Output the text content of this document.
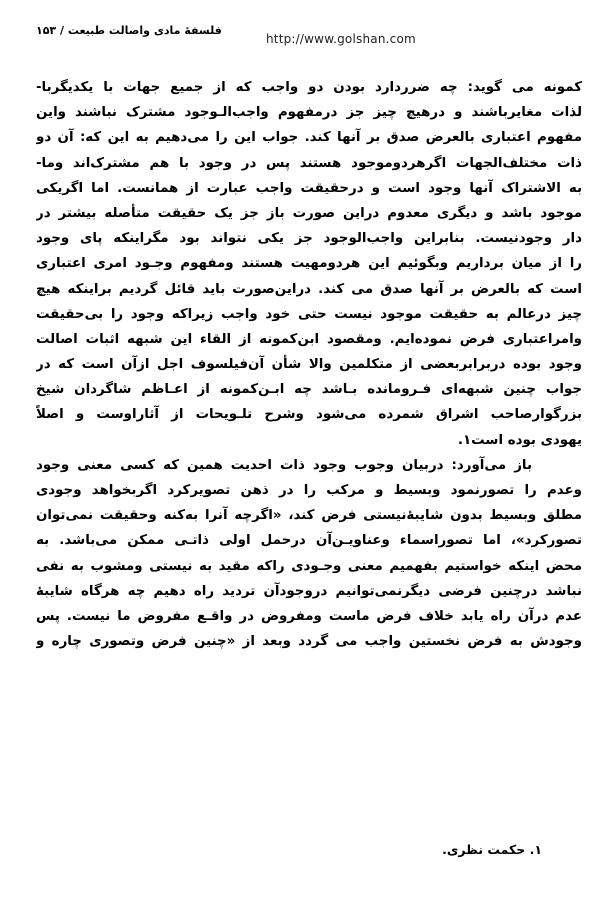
فلسفهٔ مادی واصالت طبیعت / ۱۵۳
http://www.golshan.com
کمونه می گوید: چه ضرردارد بودن دو واجب که از جمیع جهات با یکدیگربا-
لذات مغایرباشند و درهیچ چیز جز درمفهوم واجب‌الـوجود مشترک نباشند واین
مفهوم اعتباری بالعرض صدق بر آنها کند. جواب این را می‌دهیم به این که: آن دو
ذات مختلف‌الجهات اگرهردوموجود هستند پس در وجود با هم مشترک‌اند وما-
به الاشتراک آنها وجود است و درحقیقت واجب عبارت از همانست. اما اگریکی
موجود باشد و دیگری معدوم دراین صورت باز جز یک حقیقت متأصله بیشتر در
دار وجودنیست. بنابراین واجب‌الوجود جز یکی نتواند بود مگراینکه پای وجود
را از میان برداریم وبگوئیم این هردومهیت هستند ومفهوم وجـود امری اعتباری
است که بالعرض بر آنها صدق می کند. دراین‌صورت باید قائل گردیم براینکه هیچ
چیز درعالم به حقیقت موجود نیست حتی خود واجب زیراکه وجود را بی‌حقیقت
وامراعتباری فرض نموده‌ایم. ومقصود ابن‌کمونه از القاء این شبهه اثبات اصالت
وجود بوده دربرابربعضی از متکلمین والا شأن آن‌فیلسوف اجل ازآن است که در
جواب چنین شبهه‌ای فـرومانده بـاشد چه ابـن‌کمونه از اعـاظم شاگردان شیخ
بزرگوارصاحب اشراق شمرده می‌شود وشرح تلـویحات از آثاراوست و اصلاً
یهودی بوده است۱.
باز می‌آورد: دربیان وجوب وجود ذات احدیت همین که کسی معنی وجود
وعدم را تصورنمود وبسیط و مرکب را در ذهن تصویرکرد اگربخواهد وجودی
مطلق وبسیط بدون شایبهٔ‌نیستی فرض کند، «اگرچه آنرا به‌کنه وحقیقت نمی‌توان
تصورکرد»، اما تصوراسماء وعناویـن‌آن درحمل اولی ذاتـی ممکن می‌باشد. به
محض اینکه خواستیم بفهمیم معنی وجـودی راکه مقید به نیستی ومشوب به نفی
نباشد درچنین فرضی دیگرنمی‌توانیم درو‌جودآن تردید راه دهیم چه هرگاه شایبهٔ
عدم درآن راه یابد خلاف فرض ماست ومفروض در واقـع مفروض ما نیست. پس
وجودش به فرض نخستین واجب می گردد وبعد از «چنین فرض وتصوری چاره و
۱. حکمت نظری.
